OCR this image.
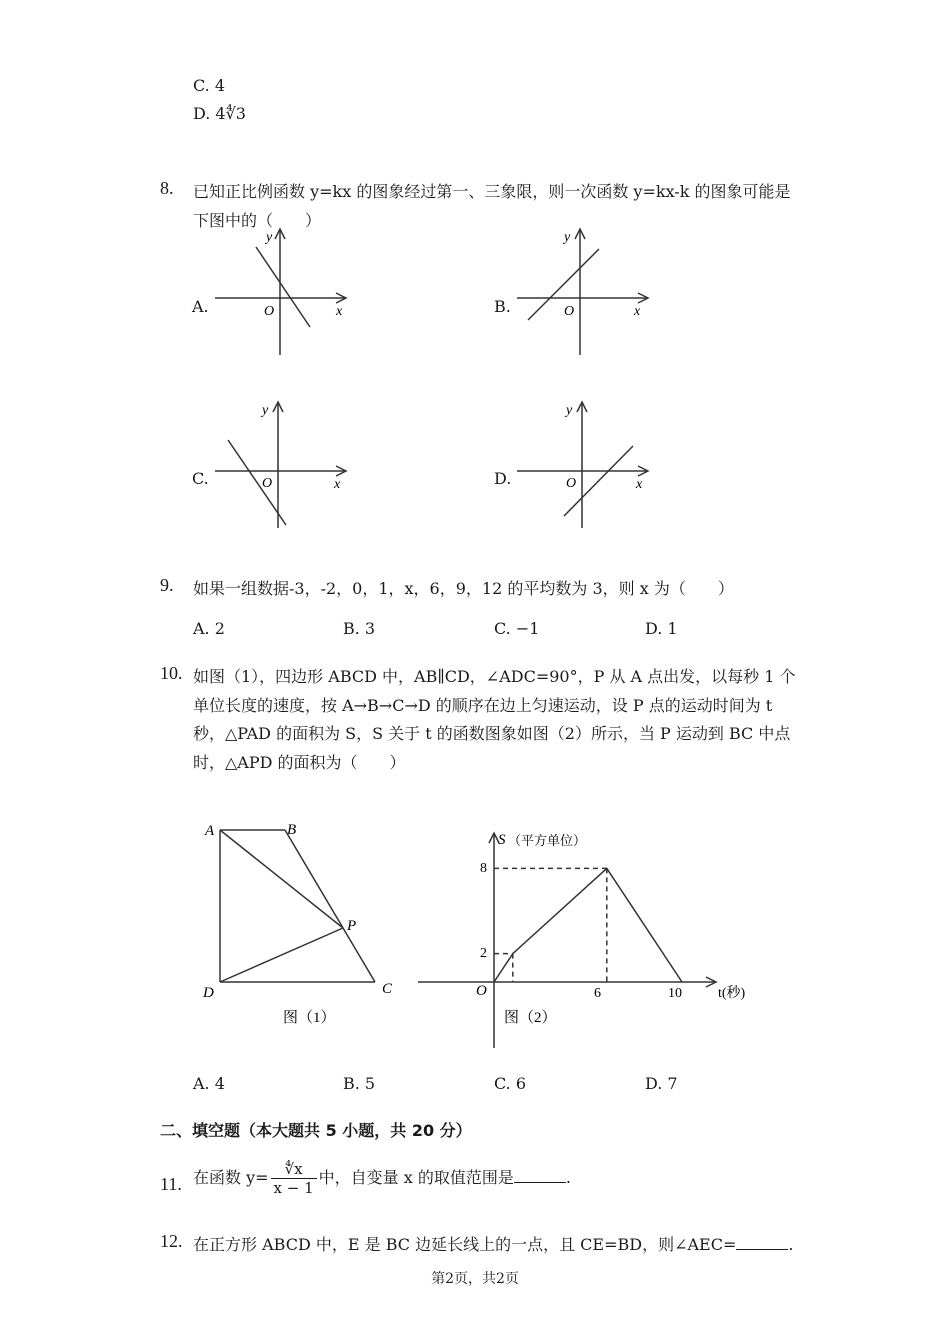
C. 4
D. 4∜3
8. 已知正比例函数 y=kx 的图象经过第一、三象限，则一次函数 y=kx-k 的图象可能是
下图中的（　　）
A.
y
x
O	B.
y
x
O
C.
y
x
O	D.
y
x
O
9. 如果一组数据-3，-2，0，1，x，6，9，12 的平均数为 3，则 x 为（　　）
A. 2	B. 3	C. −1	D. 1
10. 如图（1），四边形 ABCD 中，AB∥CD，∠ADC=90°，P 从 A 点出发，以每秒 1 个
单位长度的速度，按 A→B→C→D 的顺序在边上匀速运动，设 P 点的运动时间为 t
秒，△PAD 的面积为 S，S 关于 t 的函数图象如图（2）所示，当 P 运动到 BC 中点
时，△APD 的面积为（　　）
A	B
C
D
P
图（1）
S （平方单位）
O
8
2
6	10	t(秒)
图（2）
A. 4	B. 5	C. 6	D. 7
二、填空题（本大题共 5 小题，共 20 分）
11. 在函数 $y= \frac{∜x}{x - 1}$ 中，自变量 x 的取值范围是	.
12. 在正方形 ABCD 中，E 是 BC 边延长线上的一点，且 CE=BD，则∠AEC=	.
第2页，共2页
